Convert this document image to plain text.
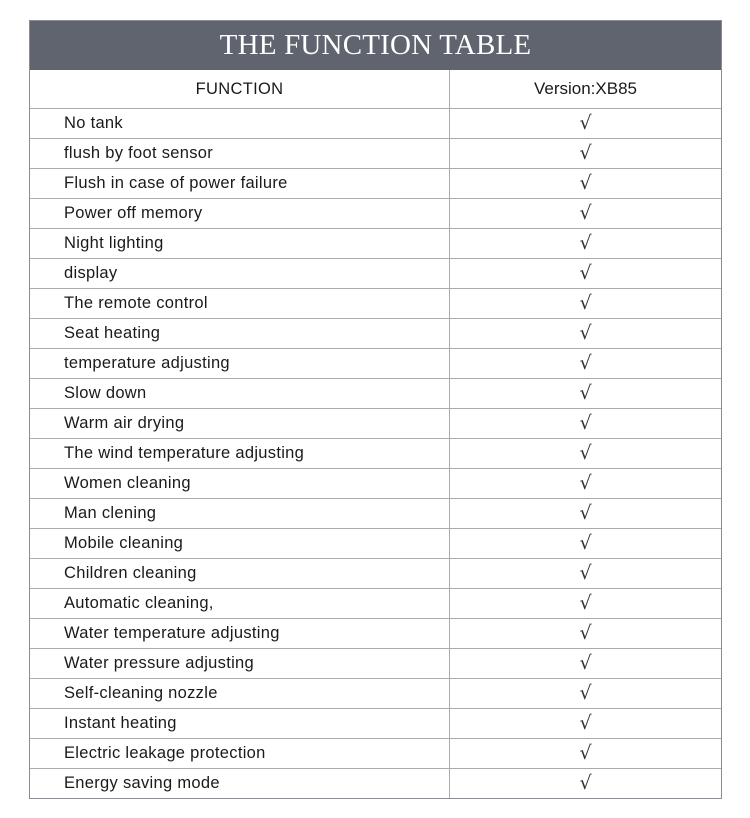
THE FUNCTION TABLE
FUNCTION	Version:XB85
No tank	√
flush by foot sensor	√
Flush in case of power failure	√
Power off memory	√
Night lighting	√
display	√
The remote control	√
Seat heating	√
temperature adjusting	√
Slow down	√
Warm air drying	√
The wind temperature adjusting	√
Women cleaning	√
Man clening	√
Mobile cleaning	√
Children cleaning	√
Automatic cleaning,	√
Water temperature adjusting	√
Water pressure adjusting	√
Self-cleaning nozzle	√
Instant heating	√
Electric leakage protection	√
Energy saving mode	√
